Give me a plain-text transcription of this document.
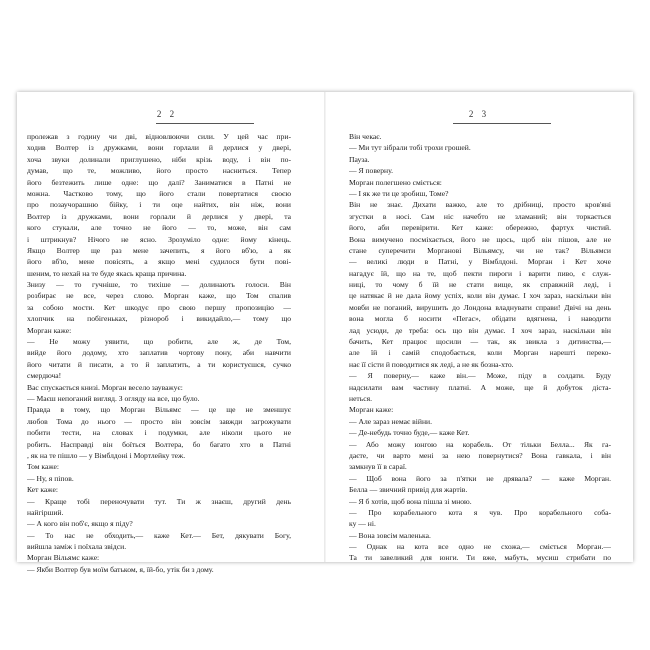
2 2
пролежав з годину чи дві, відновлюючи сили. У цей час при-
ходив Волтер із дружками, вони горлали й дерлися у двері,
хоча звуки долинали приглушено, ніби крізь воду, і він по-
думав, що те, можливо, його просто насниться. Тепер
його безтежить лише одне: що далі? Заниматися в Патні не
можна. Частково тому, що його стали повертатися своєю
про позаучорашню бійку, і ти оце найтих, він ніж, вони
Волтер із дружками, вони горлали й дерлися у двері, та
кого стукали, але точно не його — то, може, він сам
і штрикнув? Нічого не ясно. Зрозуміло одне: йому кінець.
Якщо Волтер ще раз мене зачепить, я його вб'ю, а як
його вб'ю, мене повісять, а якщо мені судилося бути пові-
шеним, то нехай на те буде якась краща причина.
Знизу — то гучніше, то тихіше — долинають голоси. Він
розбирає не все, через слово. Морган каже, що Том спалив
за собою мости. Кет шкодує про свою першу пропозицію —
хлопчик на побігеньках, різнороб і викидайло,— тому що
Морган каже:
— Не можу уявити, що робити, але ж, де Том,
вийде його додому, хто заплатив чортову пону, аби навчити
його читати й писати, а то й заплатить, а ти користуєшся, сучко
смердюча!
Вас спускається книзі. Морган весело зауважує:
— Маєш непоганий вигляд. З огляду на все, що було.
Правда в тому, що Морган Вільямс — це ще не зменшує
любов Тома до нього — просто він зовсім завжди загрожувати
побити тести, на словах і подумки, але ніколи цього не
робить. Насправді він боїться Волтера, бо багато хто в Патні
, як на те пішло — у Вімблдоні і Мортлейку теж.
Том каже:
— Ну, я піпов.
Кет каже:
— Краще тобі переночувати тут. Ти ж знаєш, другий день
найгірший.
— А кого він поб'є, якщо я піду?
— То нас не обходить,— каже Кет.— Бет, дякувати Богу,
вийшла заміж і поїхала звідси.
Морган Вільямс каже:
— Якби Волтер був моїм батьком, я, їй-бо, утік би з дому.
2 3
Він чекає.
— Ми тут зібрали тобі трохи грошей.
Пауза.
— Я поверну.
Морган полегшено сміється:
— І як же ти це зробиш, Томе?
Він не знає. Дихати важко, але то дрібниці, просто кров'яні
згустки в носі. Сам ніс начебто не зламаний; він торкається
його, аби перевірити. Кет каже: обережно, фартух чистий.
Вона вимучено посміхається, його не щось, щоб він пішов, але не
стане суперечити Моргановi Вільямсу, чи не так? Вільямси
— великі люди в Патні, у Вімблдоні. Морган і Кет хоче
нагадує їй, що на те, щоб пекти пироги і варити пиво, є служ-
ниці, то чому б їй не стати вище, як справжній леді, і
це натякає й не дала йому успіх, коли він думає. І хоч зараз, наскільки він
мовби не поганий, вирушить до Лондона владнувати справи! Двічі на день
вона могла б носити «Пегас», обідати вдягнена, і наводити
лад усюди, де треба: ось що він думає. І хоч зараз, наскільки він
бачить, Кет працює щосили — так, як звикла з дитинства,—
але їй і самій сподобається, коли Морган нарешті переко-
нає її сісти й поводитися як леді, а не як бозна-хто.
— Я поверну,— каже він.— Може, піду в солдати. Буду
надсилати вам частину платні. А може, ще й добуток діста-
неться.
Морган каже:
— Але зараз немає війни.
— Де-небудь точно буде,— каже Кет.
— Або можу юнгою на корабель. От тільки Белла... Як га-
даєте, чи варто мені за нею повернутися? Вона гавкала, і він
замкнув її в сараї.
— Щоб вона його за п'ятки не дрявала? — каже Морган.
Белла — звичний привід для жартів.
— Я б хотів, щоб вона пішла зі мною.
— Про корабельного кота я чув. Про корабельного соба-
ку — ні.
— Вона зовсім маленька.
— Однак на кота все одно не схожа,— сміється Морган.—
Та ти завеликий для юнги. Ти вже, мабуть, мусиш стрибати по
